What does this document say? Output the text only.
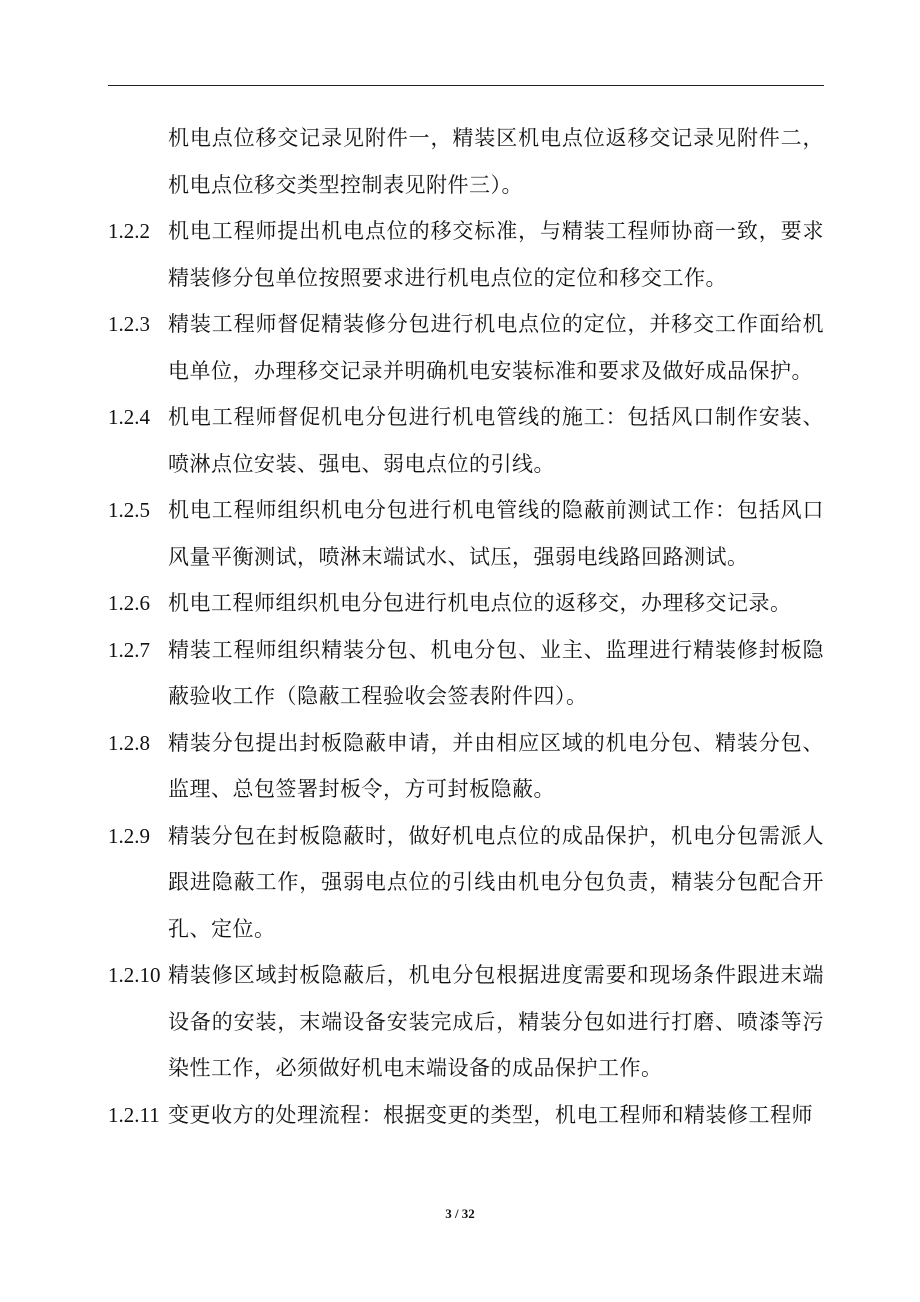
机电点位移交记录见附件一，精装区机电点位返移交记录见附件二，机电点位移交类型控制表见附件三）。
1.2.2 机电工程师提出机电点位的移交标准，与精装工程师协商一致，要求精装修分包单位按照要求进行机电点位的定位和移交工作。
1.2.3 精装工程师督促精装修分包进行机电点位的定位，并移交工作面给机电单位，办理移交记录并明确机电安装标准和要求及做好成品保护。
1.2.4 机电工程师督促机电分包进行机电管线的施工：包括风口制作安装、喷淋点位安装、强电、弱电点位的引线。
1.2.5 机电工程师组织机电分包进行机电管线的隐蔽前测试工作：包括风口风量平衡测试，喷淋末端试水、试压，强弱电线路回路测试。
1.2.6 机电工程师组织机电分包进行机电点位的返移交，办理移交记录。
1.2.7 精装工程师组织精装分包、机电分包、业主、监理进行精装修封板隐蔽验收工作（隐蔽工程验收会签表附件四）。
1.2.8 精装分包提出封板隐蔽申请，并由相应区域的机电分包、精装分包、监理、总包签署封板令，方可封板隐蔽。
1.2.9 精装分包在封板隐蔽时，做好机电点位的成品保护，机电分包需派人跟进隐蔽工作，强弱电点位的引线由机电分包负责，精装分包配合开孔、定位。
1.2.10 精装修区域封板隐蔽后，机电分包根据进度需要和现场条件跟进末端设备的安装，末端设备安装完成后，精装分包如进行打磨、喷漆等污染性工作，必须做好机电末端设备的成品保护工作。
1.2.11 变更收方的处理流程：根据变更的类型，机电工程师和精装修工程师
3 / 32
